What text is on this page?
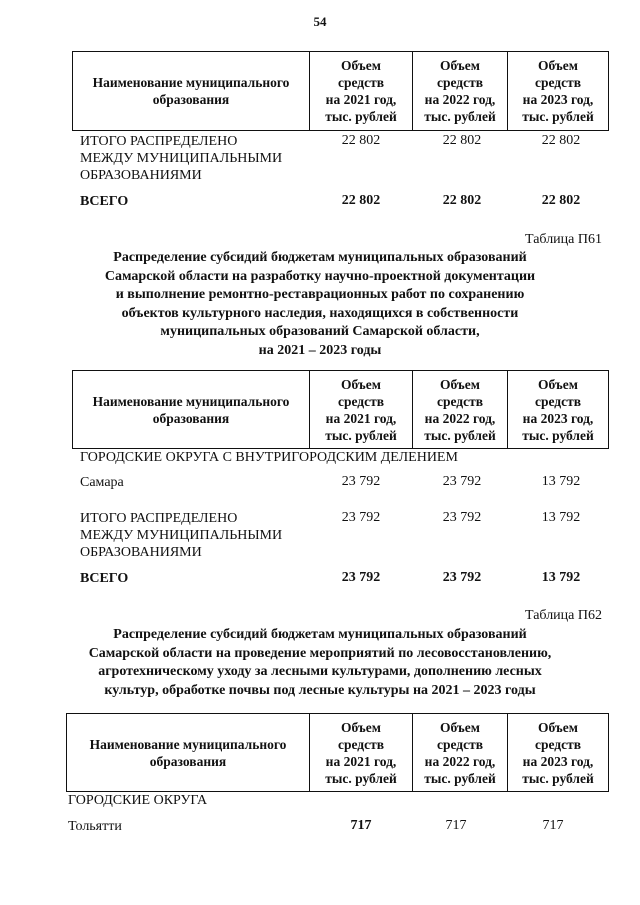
54
Наименование муниципального
образования

Объем
средств
на 2021 год,
тыс. рублей

Объем
средств
на 2022 год,
тыс. рублей

Объем
средств
на 2023 год,
тыс. рублей
ИТОГО РАСПРЕДЕЛЕНО
МЕЖДУ МУНИЦИПАЛЬНЫМИ
ОБРАЗОВАНИЯМИ
22 802	22 802	22 802
ВСЕГО	22 802	22 802	22 802
Таблица П61
Распределение субсидий бюджетам муниципальных образований
Самарской области на разработку научно-проектной документации
и выполнение ремонтно-реставрационных работ по сохранению
объектов культурного наследия, находящихся в собственности
муниципальных образований Самарской области,
на 2021 – 2023 годы
Наименование муниципального
образования

Объем
средств
на 2021 год,
тыс. рублей

Объем
средств
на 2022 год,
тыс. рублей

Объем
средств
на 2023 год,
тыс. рублей
ГОРОДСКИЕ ОКРУГА С ВНУТРИГОРОДСКИМ ДЕЛЕНИЕМ
Самара	23 792	23 792	13 792
ИТОГО РАСПРЕДЕЛЕНО
МЕЖДУ МУНИЦИПАЛЬНЫМИ
ОБРАЗОВАНИЯМИ
23 792	23 792	13 792
ВСЕГО	23 792	23 792	13 792
Таблица П62
Распределение субсидий бюджетам муниципальных образований
Самарской области на проведение мероприятий по лесовосстановлению,
агротехническому уходу за лесными культурами, дополнению лесных
культур, обработке почвы под лесные культуры на 2021 – 2023 годы
Наименование муниципального
образования

Объем
средств
на 2021 год,
тыс. рублей

Объем
средств
на 2022 год,
тыс. рублей

Объем
средств
на 2023 год,
тыс. рублей
ГОРОДСКИЕ ОКРУГА
Тольятти	717	717	717
